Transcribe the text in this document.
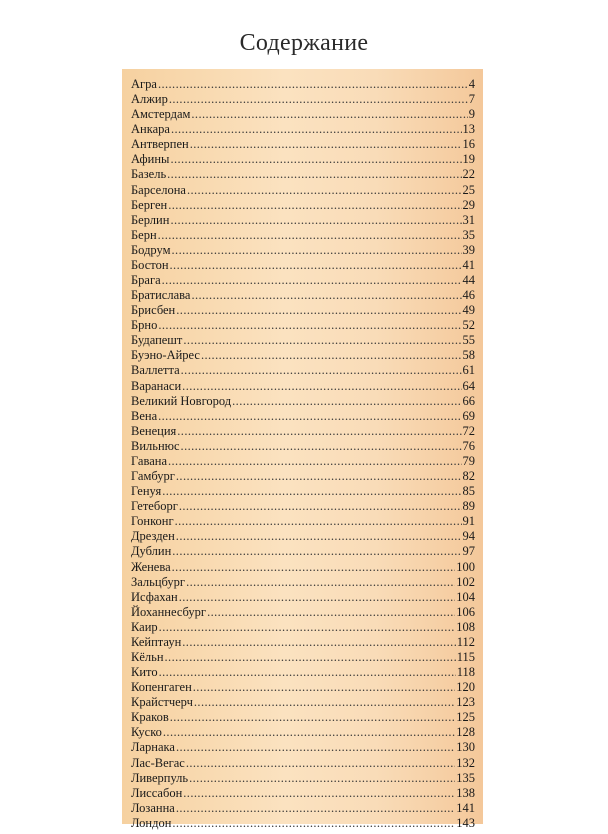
Содержание
Агра .....	4
Алжир .....	7
Амстердам .....	9
Анкара .....	13
Антверпен .....	16
Афины .....	19
Базель .....	22
Барселона .....	25
Берген .....	29
Берлин .....	31
Берн .....	35
Бодрум .....	39
Бостон .....	41
Брага .....	44
Братислава .....	46
Брисбен .....	49
Брно .....	52
Будапешт .....	55
Буэно-Айрес .....	58
Валлетта .....	61
Варанаси .....	64
Великий Новгород .....	66
Вена .....	69
Венеция .....	72
Вильнюс .....	76
Гавана .....	79
Гамбург .....	82
Генуя .....	85
Гетеборг .....	89
Гонконг .....	91
Дрезден .....	94
Дублин .....	97
Женева .....	100
Зальцбург .....	102
Исфахан .....	104
Йоханнесбург .....	106
Каир .....	108
Кейптаун .....	112
Кёльн .....	115
Кито .....	118
Копенгаген .....	120
Крайстчерч .....	123
Краков .....	125
Куско .....	128
Ларнака .....	130
Лас-Вегас .....	132
Ливерпуль .....	135
Лиссабон .....	138
Лозанна .....	141
Лондон .....	143
